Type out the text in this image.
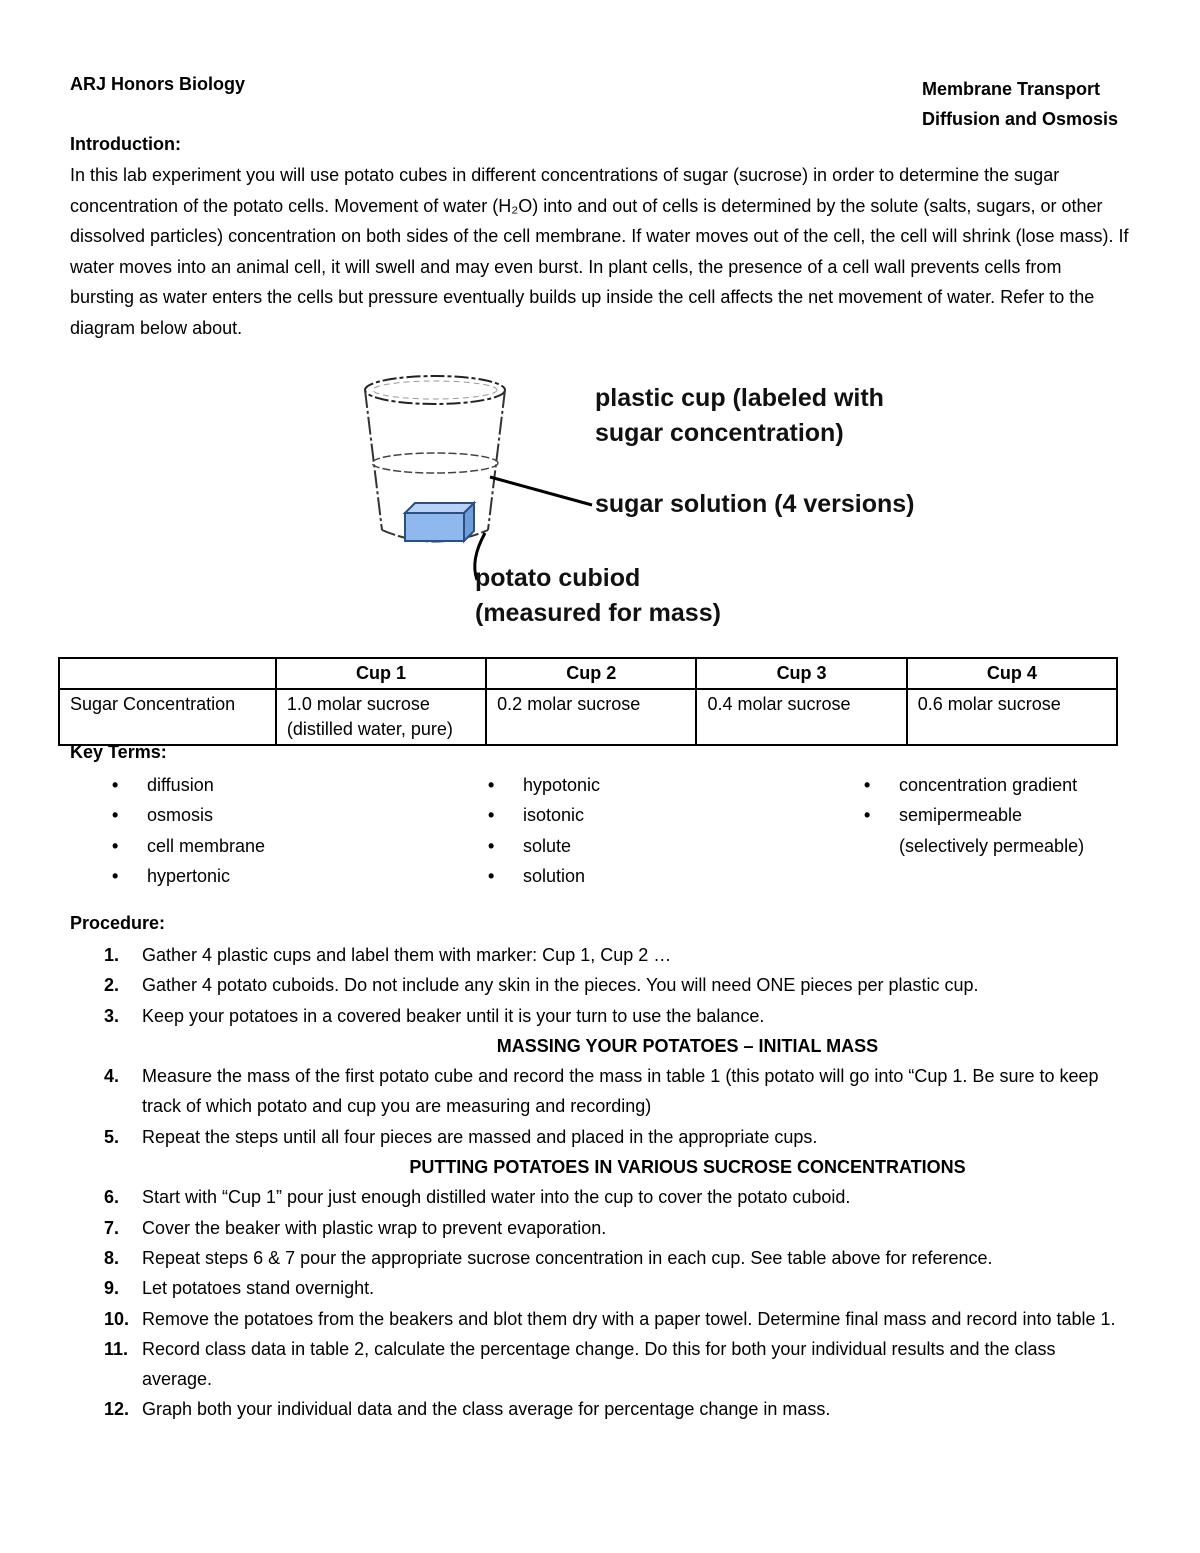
ARJ Honors Biology	Membrane Transport
Diffusion and Osmosis
Introduction:
In this lab experiment you will use potato cubes in different concentrations of sugar (sucrose) in order to determine the sugar concentration of the potato cells. Movement of water (H₂O) into and out of cells is determined by the solute (salts, sugars, or other dissolved particles) concentration on both sides of the cell membrane. If water moves out of the cell, the cell will shrink (lose mass). If water moves into an animal cell, it will swell and may even burst. In plant cells, the presence of a cell wall prevents cells from bursting as water enters the cells but pressure eventually builds up inside the cell affects the net movement of water. Refer to the diagram below about.
plastic cup (labeled with
sugar concentration)
sugar solution (4 versions)
potato cubiod
(measured for mass)
	Cup 1	Cup 2	Cup 3	Cup 4
Sugar Concentration	1.0 molar sucrose (distilled water, pure)	0.2 molar sucrose	0.4 molar sucrose	0.6 molar sucrose
Key Terms:
• diffusion
• osmosis
• cell membrane
• hypertonic
• hypotonic
• isotonic
• solute
• solution
• concentration gradient
• semipermeable
(selectively permeable)
Procedure:
1. Gather 4 plastic cups and label them with marker: Cup 1, Cup 2 …
2. Gather 4 potato cuboids. Do not include any skin in the pieces. You will need ONE pieces per plastic cup.
3. Keep your potatoes in a covered beaker until it is your turn to use the balance.
MASSING YOUR POTATOES – INITIAL MASS
4. Measure the mass of the first potato cube and record the mass in table 1 (this potato will go into “Cup 1. Be sure to keep track of which potato and cup you are measuring and recording)
5. Repeat the steps until all four pieces are massed and placed in the appropriate cups.
PUTTING POTATOES IN VARIOUS SUCROSE CONCENTRATIONS
6. Start with “Cup 1” pour just enough distilled water into the cup to cover the potato cuboid.
7. Cover the beaker with plastic wrap to prevent evaporation.
8. Repeat steps 6 & 7 pour the appropriate sucrose concentration in each cup. See table above for reference.
9. Let potatoes stand overnight.
10. Remove the potatoes from the beakers and blot them dry with a paper towel. Determine final mass and record into table 1.
11. Record class data in table 2, calculate the percentage change. Do this for both your individual results and the class average.
12. Graph both your individual data and the class average for percentage change in mass.
